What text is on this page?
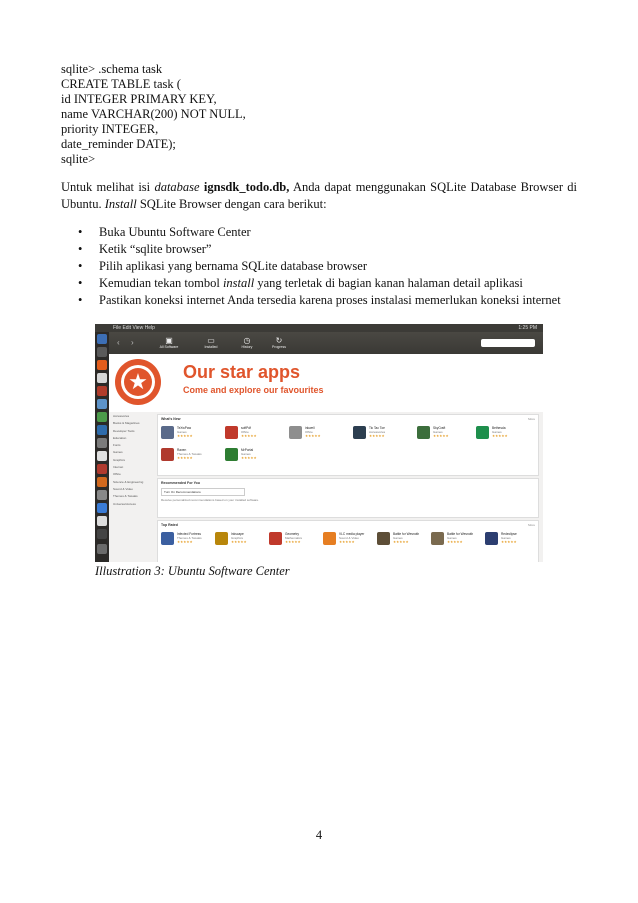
sqlite> .schema task
CREATE TABLE task (
id INTEGER PRIMARY KEY,
name VARCHAR(200) NOT NULL,
priority INTEGER,
date_reminder DATE);
sqlite>
Untuk melihat isi database ignsdk_todo.db, Anda dapat menggunakan SQLite Database Browser di Ubuntu. Install SQLite Browser dengan cara berikut:
• Buka Ubuntu Software Center
• Ketik “sqlite browser”
• Pilih aplikasi yang bernama SQLite database browser
• Kemudian tekan tombol install yang terletak di bagian kanan halaman detail aplikasi
• Pastikan koneksi internet Anda tersedia karena proses instalasi memerlukan koneksi internet
File Edit View Help	1:25 PM
‹ ›	▣
All Software
▭
Installed
◷
History
↻
Progress
★ Our star apps
Come and explore our favourites
Accessories
Books & Magazines
Developer Tools
Education
Fonts
Games
Graphics
Internet
Office
Science & Engineering
Sound & Video
Themes & Tweaks
Universal Access
What's New	More
TeXwPaw
Games
★★★★★
softPdf
Office
★★★★★
inkwell
Office
★★★★★
Tic Tac Toe
Accessories
★★★★★
SkyCraft
Games
★★★★★
Bethesda
Games
★★★★★
Raven
Themes & Tweaks
★★★★★
MrPortal
Games
★★★★★
Recommended For You
Turn On Recommendations
Receive personalized recommendations based on your installed software.
Top Rated	More
Infected Fortress
Themes & Tweaks
★★★★★
Inkscape
Graphics
★★★★★
Geometry
Mathematics
★★★★★
VLC media player
Sound & Video
★★★★★
Battle for Wesnoth
Games
★★★★★
Battle for Wesnoth
Games
★★★★★
Redeclipse
Games
★★★★★
Illustration 3: Ubuntu Software Center
4
